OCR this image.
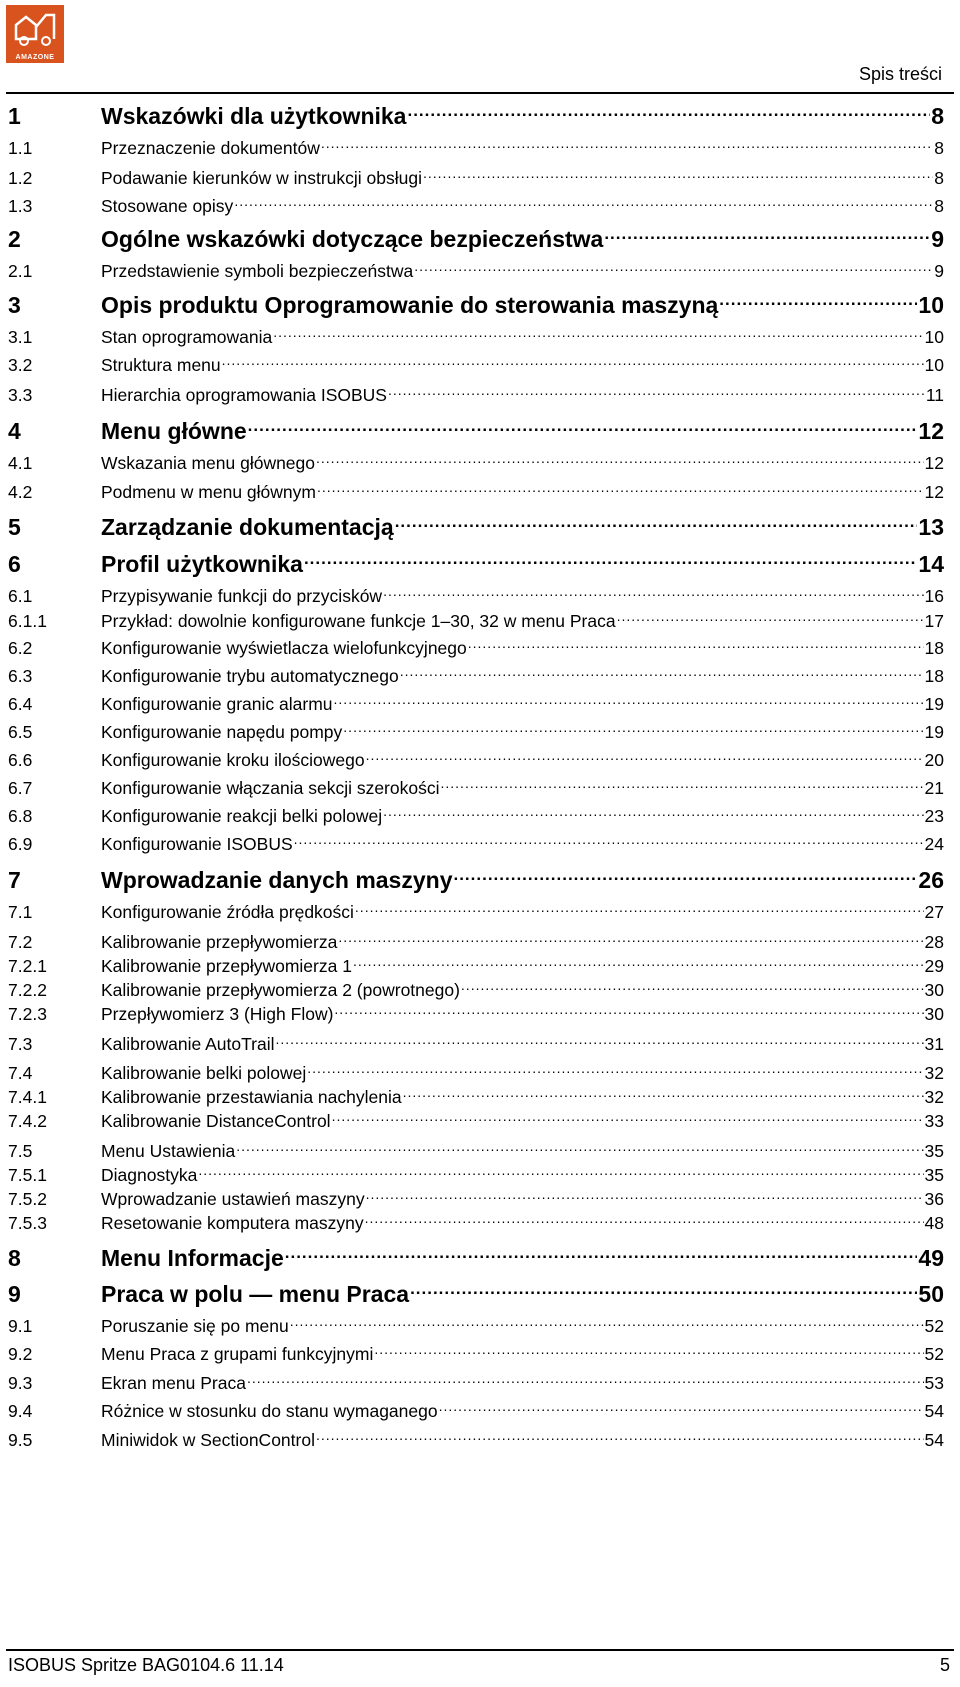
AMAZONE
Spis treści
1	Wskazówki dla użytkownika .....	8
1.1	Przeznaczenie dokumentów .....	8
1.2	Podawanie kierunków w instrukcji obsługi .....	8
1.3	Stosowane opisy .....	8
2	Ogólne wskazówki dotyczące bezpieczeństwa .....	9
2.1	Przedstawienie symboli bezpieczeństwa .....	9
3	Opis produktu Oprogramowanie do sterowania maszyną .....	10
3.1	Stan oprogramowania .....	10
3.2	Struktura menu .....	10
3.3	Hierarchia oprogramowania ISOBUS .....	11
4	Menu główne .....	12
4.1	Wskazania menu głównego .....	12
4.2	Podmenu w menu głównym .....	12
5	Zarządzanie dokumentacją .....	13
6	Profil użytkownika .....	14
6.1	Przypisywanie funkcji do przycisków .....	16
6.1.1	Przykład: dowolnie konfigurowane funkcje 1–30, 32 w menu Praca .....	17
6.2	Konfigurowanie wyświetlacza wielofunkcyjnego .....	18
6.3	Konfigurowanie trybu automatycznego .....	18
6.4	Konfigurowanie granic alarmu .....	19
6.5	Konfigurowanie napędu pompy .....	19
6.6	Konfigurowanie kroku ilościowego .....	20
6.7	Konfigurowanie włączania sekcji szerokości .....	21
6.8	Konfigurowanie reakcji belki polowej .....	23
6.9	Konfigurowanie ISOBUS .....	24
7	Wprowadzanie danych maszyny .....	26
7.1	Konfigurowanie źródła prędkości .....	27
7.2	Kalibrowanie przepływomierza .....	28
7.2.1	Kalibrowanie przepływomierza 1 .....	29
7.2.2	Kalibrowanie przepływomierza 2 (powrotnego) .....	30
7.2.3	Przepływomierz 3 (High Flow) .....	30
7.3	Kalibrowanie AutoTrail .....	31
7.4	Kalibrowanie belki polowej .....	32
7.4.1	Kalibrowanie przestawiania nachylenia .....	32
7.4.2	Kalibrowanie DistanceControl .....	33
7.5	Menu Ustawienia .....	35
7.5.1	Diagnostyka .....	35
7.5.2	Wprowadzanie ustawień maszyny .....	36
7.5.3	Resetowanie komputera maszyny .....	48
8	Menu Informacje .....	49
9	Praca w polu — menu Praca .....	50
9.1	Poruszanie się po menu .....	52
9.2	Menu Praca z grupami funkcyjnymi .....	52
9.3	Ekran menu Praca .....	53
9.4	Różnice w stosunku do stanu wymaganego .....	54
9.5	Miniwidok w SectionControl .....	54
ISOBUS Spritze BAG0104.6 11.14	5
